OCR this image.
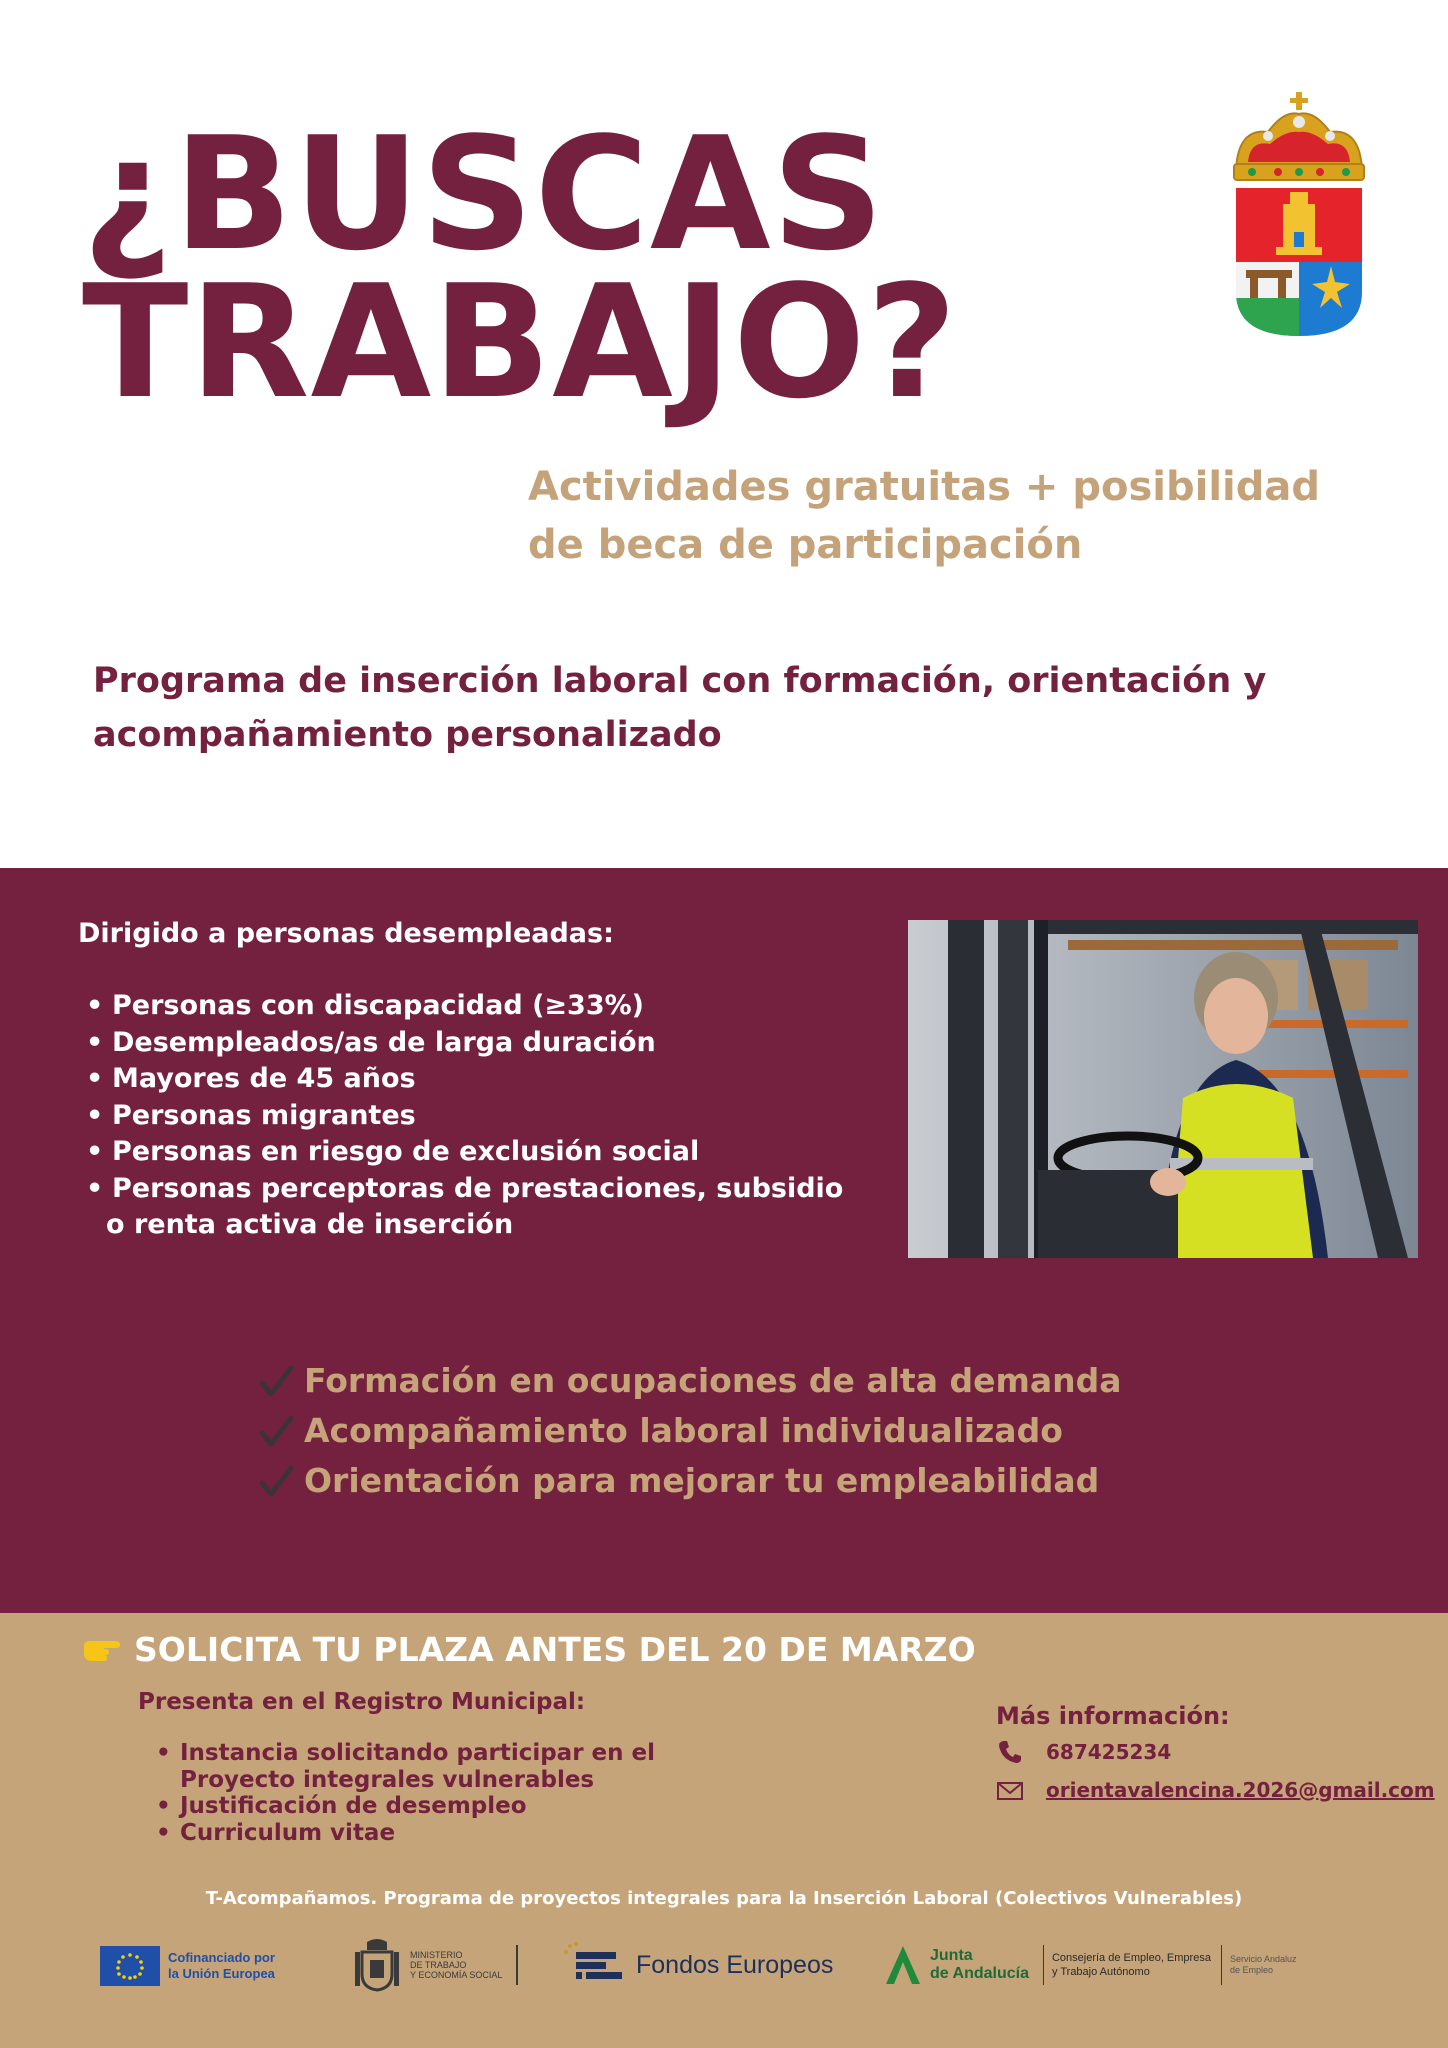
¿BUSCAS
TRABAJO?
Actividades gratuitas + posibilidad
de beca de participación
Programa de inserción laboral con formación, orientación y
acompañamiento personalizado
Dirigido a personas desempleadas:
• Personas con discapacidad (≥33%)
• Desempleados/as de larga duración
• Mayores de 45 años
• Personas migrantes
• Personas en riesgo de exclusión social
• Personas perceptoras de prestaciones, subsidio
o renta activa de inserción
Formación en ocupaciones de alta demanda
Acompañamiento laboral individualizado
Orientación para mejorar tu empleabilidad
SOLICITA TU PLAZA ANTES DEL 20 DE MARZO
Presenta en el Registro Municipal:
• Instancia solicitando participar en el
Proyecto integrales vulnerables
• Justificación de desempleo
• Curriculum vitae
Más información:
687425234
orientavalencina.2026@gmail.com
T-Acompañamos. Programa de proyectos integrales para la Inserción Laboral (Colectivos Vulnerables)
Cofinanciado por
la Unión Europea
MINISTERIO
DE TRABAJO
Y ECONOMÍA SOCIAL	Fondos Europeos	Junta
de Andalucía
Consejería de Empleo, Empresa
y Trabajo Autónomo
Servicio Andaluz
de Empleo
